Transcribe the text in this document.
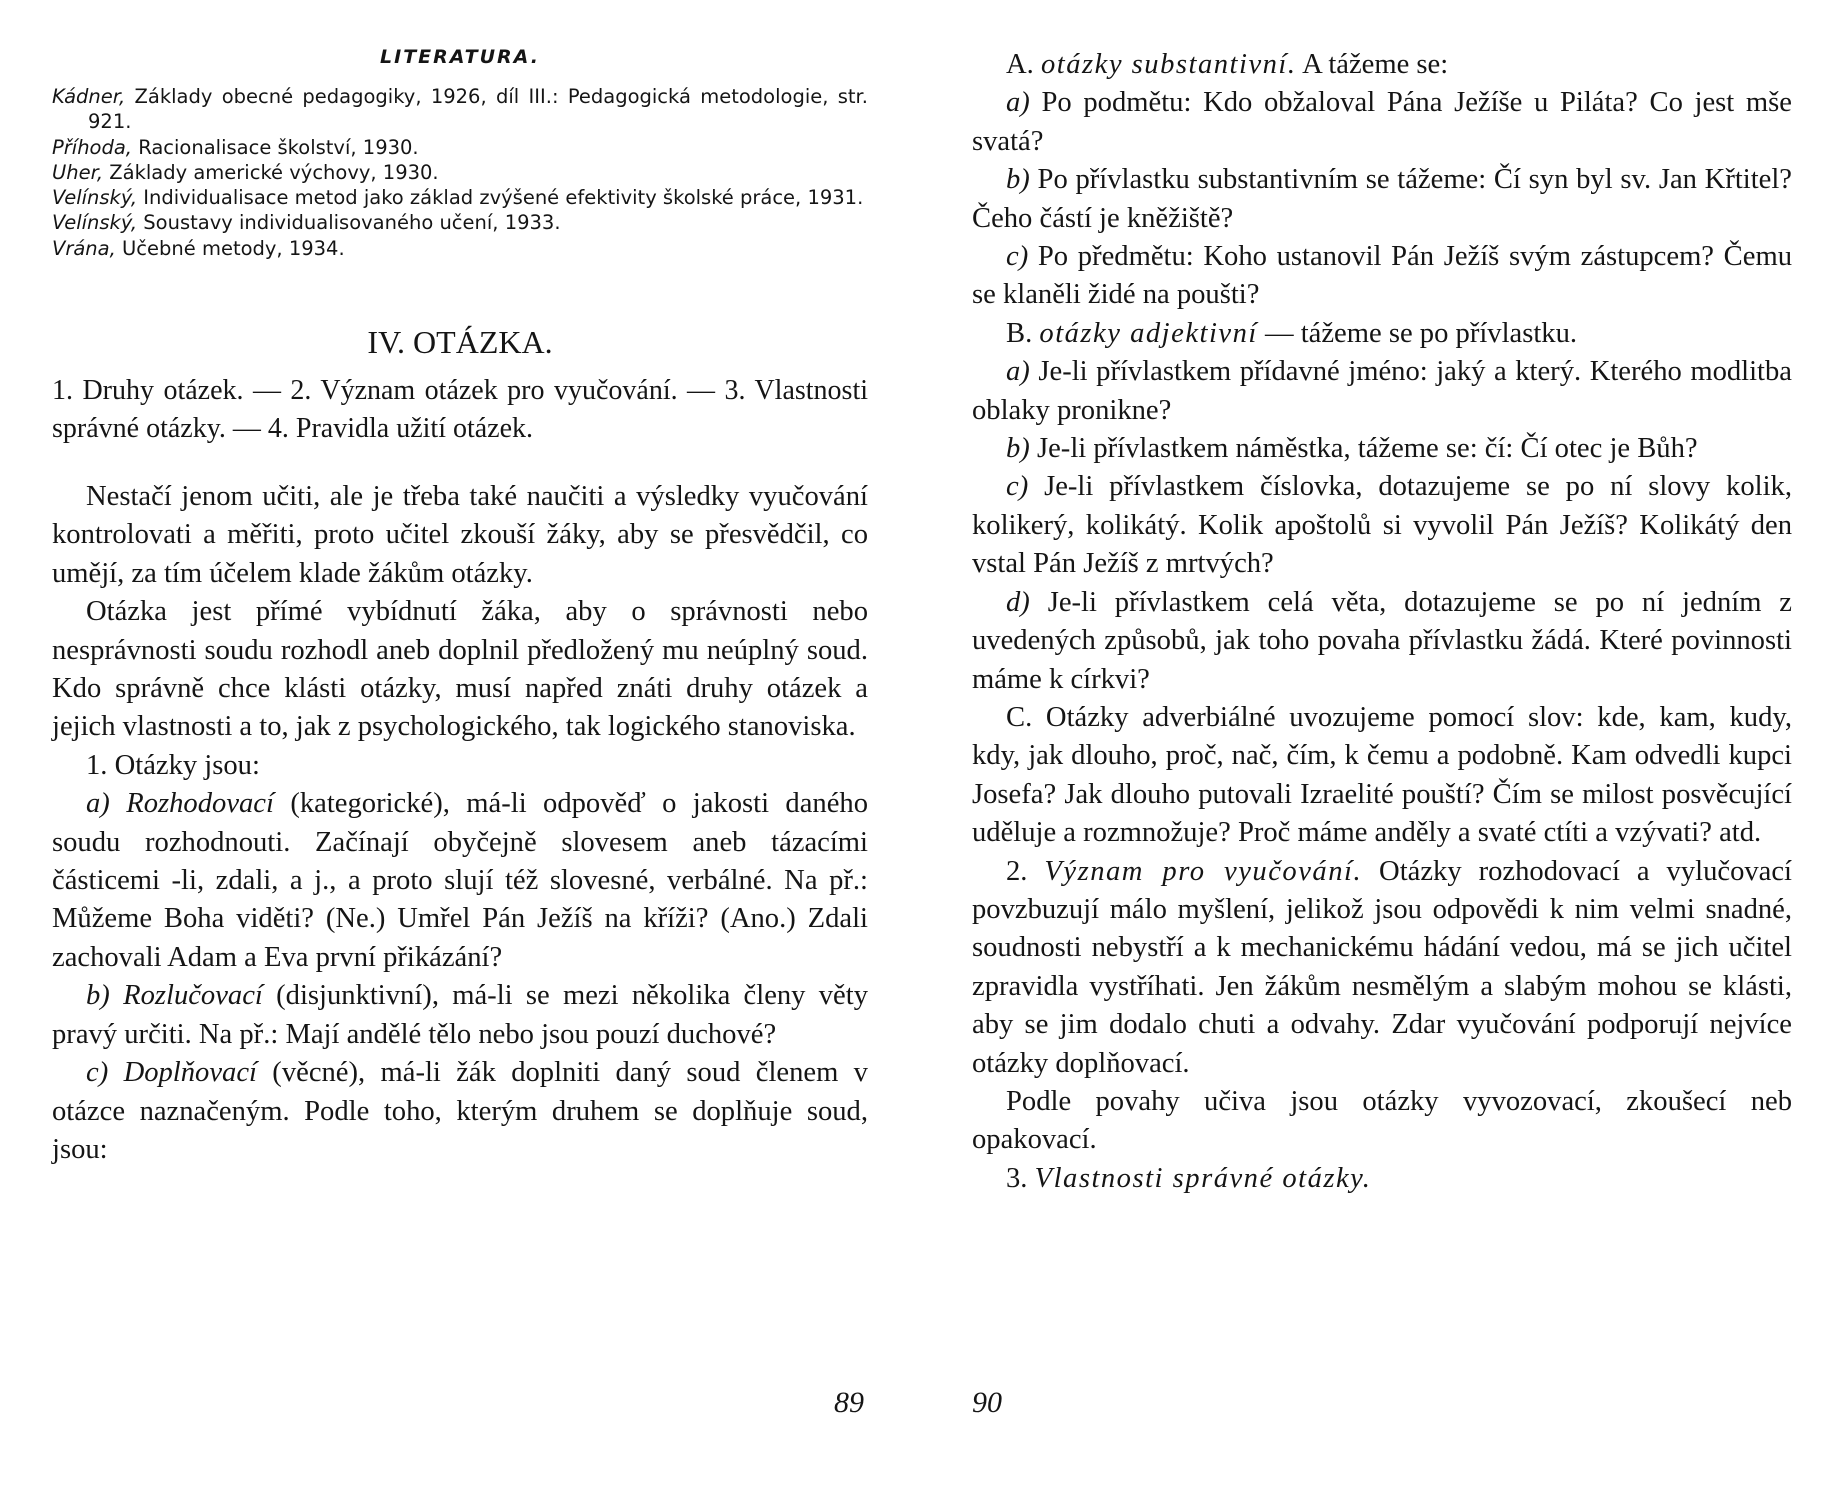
LITERATURA.
Kádner, Základy obecné pedagogiky, 1926, díl III.: Pedagogická metodologie, str. 921.
Příhoda, Racionalisace školství, 1930.
Uher, Základy americké výchovy, 1930.
Velínský, Individualisace metod jako základ zvýšené efektivity školské práce, 1931.
Velínský, Soustavy individualisovaného učení, 1933.
Vrána, Učebné metody, 1934.
IV. OTÁZKA.
1. Druhy otázek. — 2. Význam otázek pro vyučování. — 3. Vlastnosti správné otázky. — 4. Pravidla užití otázek.

Nestačí jenom učiti, ale je třeba také naučiti a výsledky vyučování kontrolovati a měřiti, proto učitel zkouší žáky, aby se přesvědčil, co umějí, za tím účelem klade žákům otázky.

Otázka jest přímé vybídnutí žáka, aby o správnosti nebo nesprávnosti soudu rozhodl aneb doplnil předložený mu neúplný soud. Kdo správně chce klásti otázky, musí napřed znáti druhy otázek a jejich vlastnosti a to, jak z psychologického, tak logického stanoviska.

1. Otázky jsou:

a) Rozhodovací (kategorické), má-li odpověď o jakosti daného soudu rozhodnouti. Začínají obyčejně slovesem aneb tázacími částicemi -li, zdali, a j., a proto slují též slovesné, verbálné. Na př.: Můžeme Boha viděti? (Ne.) Umřel Pán Ježíš na kříži? (Ano.) Zdali zachovali Adam a Eva první přikázání?

b) Rozlučovací (disjunktivní), má-li se mezi několika členy věty pravý určiti. Na př.: Mají andělé tělo nebo jsou pouzí duchové?

c) Doplňovací (věcné), má-li žák doplniti daný soud členem v otázce naznačeným. Podle toho, kterým druhem se doplňuje soud, jsou:

89

A. otázky substantivní. A tážeme se:

a) Po podmětu: Kdo obžaloval Pána Ježíše u Piláta? Co jest mše svatá?

b) Po přívlastku substantivním se tážeme: Čí syn byl sv. Jan Křtitel? Čeho částí je kněžiště?

c) Po předmětu: Koho ustanovil Pán Ježíš svým zástupcem? Čemu se klaněli židé na poušti?

B. otázky adjektivní — tážeme se po přívlastku.

a) Je-li přívlastkem přídavné jméno: jaký a který. Kterého modlitba oblaky pronikne?

b) Je-li přívlastkem náměstka, tážeme se: čí: Čí otec je Bůh?

c) Je-li přívlastkem číslovka, dotazujeme se po ní slovy kolik, kolikerý, kolikátý. Kolik apoštolů si vyvolil Pán Ježíš? Kolikátý den vstal Pán Ježíš z mrtvých?

d) Je-li přívlastkem celá věta, dotazujeme se po ní jedním z uvedených způsobů, jak toho povaha přívlastku žádá. Které povinnosti máme k církvi?

C. Otázky adverbiálné uvozujeme pomocí slov: kde, kam, kudy, kdy, jak dlouho, proč, nač, čím, k čemu a podobně. Kam odvedli kupci Josefa? Jak dlouho putovali Izraelité pouští? Čím se milost posvěcující uděluje a rozmnožuje? Proč máme anděly a svaté ctíti a vzývati? atd.

2. Význam pro vyučování. Otázky rozhodovací a vylučovací povzbuzují málo myšlení, jelikož jsou odpovědi k nim velmi snadné, soudnosti nebystří a k mechanickému hádání vedou, má se jich učitel zpravidla vystříhati. Jen žákům nesmělým a slabým mohou se klásti, aby se jim dodalo chuti a odvahy. Zdar vyučování podporují nejvíce otázky doplňovací.

Podle povahy učiva jsou otázky vyvozovací, zkoušecí neb opakovací.

3. Vlastnosti správné otázky.

90
